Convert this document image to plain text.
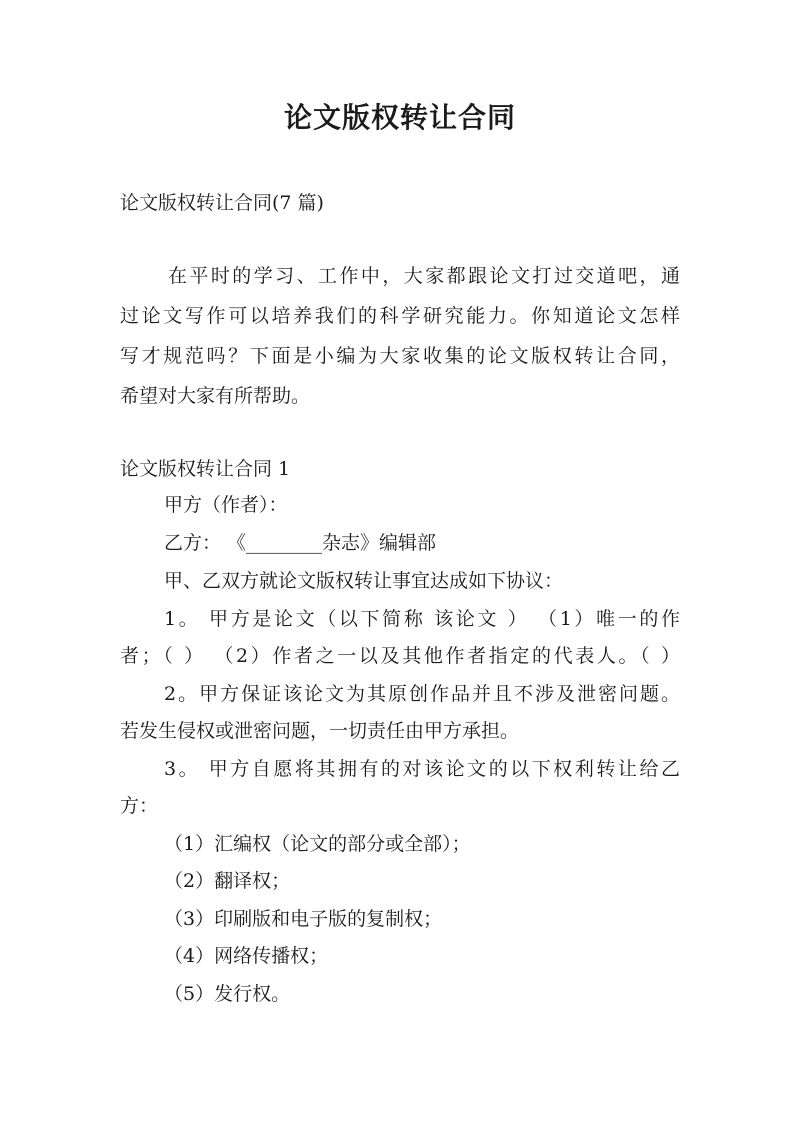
论文版权转让合同
论文版权转让合同(7 篇)
在平时的学习、工作中，大家都跟论文打过交道吧，通
过论文写作可以培养我们的科学研究能力。你知道论文怎样
写才规范吗？下面是小编为大家收集的论文版权转让合同，
希望对大家有所帮助。
论文版权转让合同 1
甲方（作者）：
乙方： 《________杂志》编辑部
甲、乙双方就论文版权转让事宜达成如下协议：
1。 甲方是论文（以下简称 该论文 ） （1）唯一的作
者；（ ） （2）作者之一以及其他作者指定的代表人。（ ）
2。甲方保证该论文为其原创作品并且不涉及泄密问题。
若发生侵权或泄密问题，一切责任由甲方承担。
3。 甲方自愿将其拥有的对该论文的以下权利转让给乙
方：
（1）汇编权（论文的部分或全部）；
（2）翻译权；
（3）印刷版和电子版的复制权；
（4）网络传播权；
（5）发行权。
